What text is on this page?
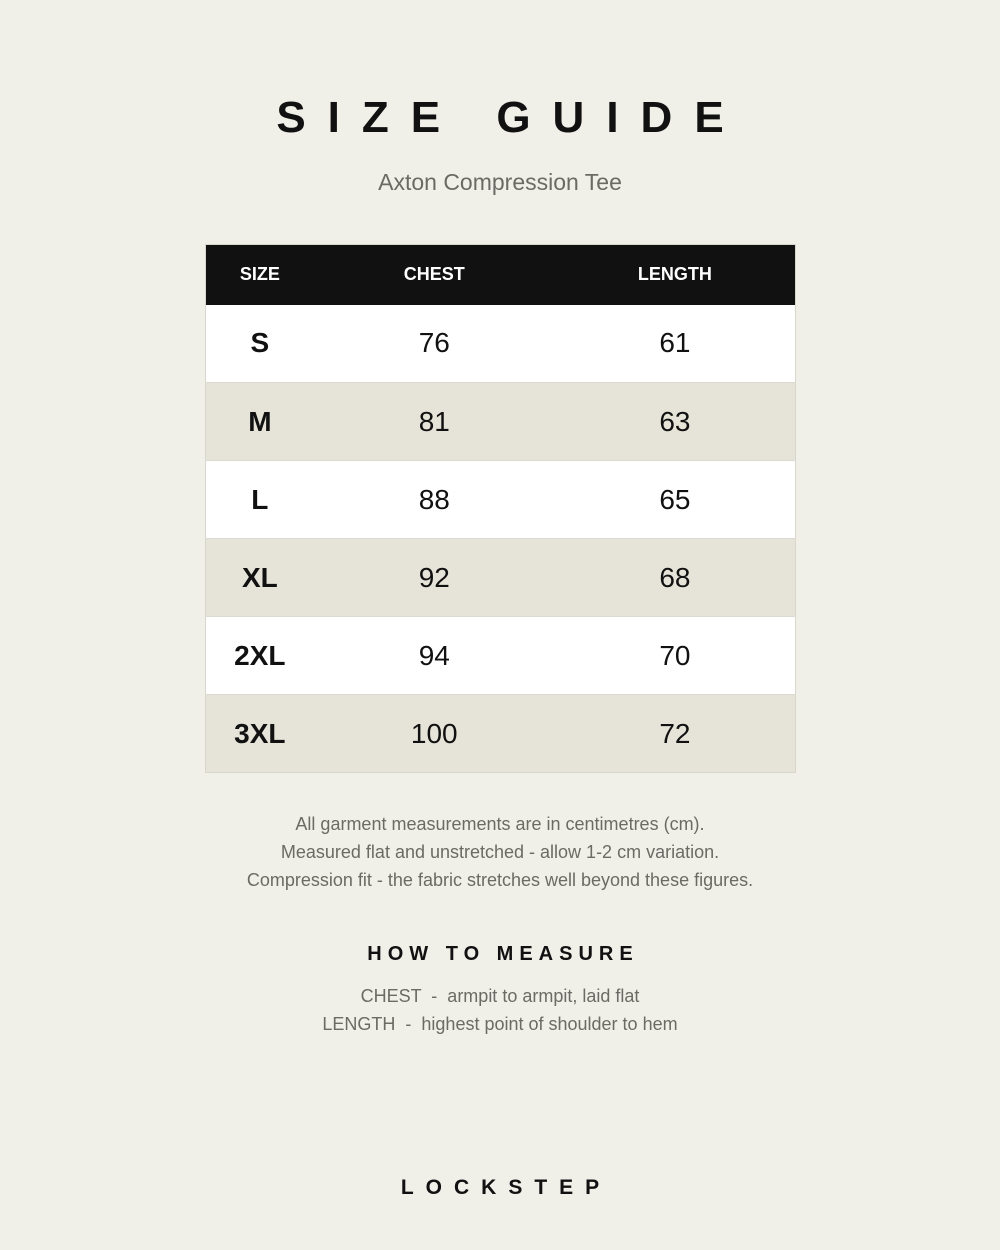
SIZE GUIDE
Axton Compression Tee
SIZE	CHEST	LENGTH
S	76	61
M	81	63
L	88	65
XL	92	68
2XL	94	70
3XL	100	72
All garment measurements are in centimetres (cm).
Measured flat and unstretched - allow 1-2 cm variation.
Compression fit - the fabric stretches well beyond these figures.
HOW TO MEASURE
CHEST  -  armpit to armpit, laid flat
LENGTH  -  highest point of shoulder to hem
LOCKSTEP
